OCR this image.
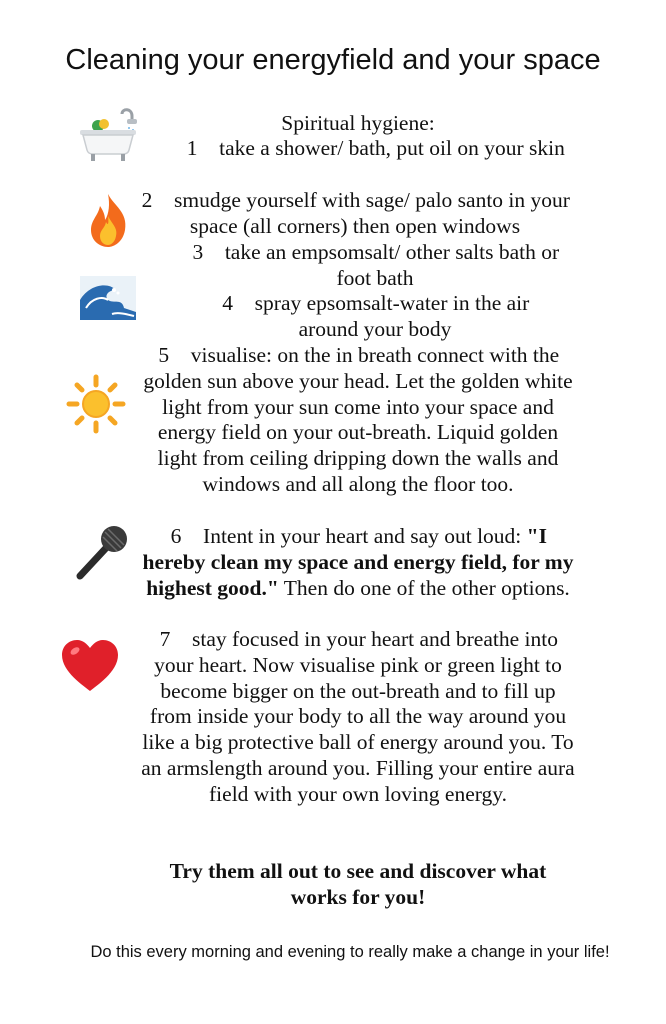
Cleaning your energyfield and your space
Spiritual hygiene:
1 take a shower/ bath, put oil on your skin
2 smudge yourself with sage/ palo santo in your space (all corners) then open windows
3 take an empsomsalt/ other salts bath or foot bath
4 spray epsomsalt-water in the air around your body
5 visualise: on the in breath connect with the golden sun above your head. Let the golden white light from your sun come into your space and energy field on your out-breath. Liquid golden light from ceiling dripping down the walls and windows and all along the floor too.
6 Intent in your heart and say out loud: "I hereby clean my space and energy field, for my highest good." Then do one of the other options.
7 stay focused in your heart and breathe into your heart. Now visualise pink or green light to become bigger on the out-breath and to fill up from inside your body to all the way around you like a big protective ball of energy around you. To an armslength around you. Filling your entire aura field with your own loving energy.
Try them all out to see and discover what works for you!
Do this every morning and evening to really make a change in your life!
